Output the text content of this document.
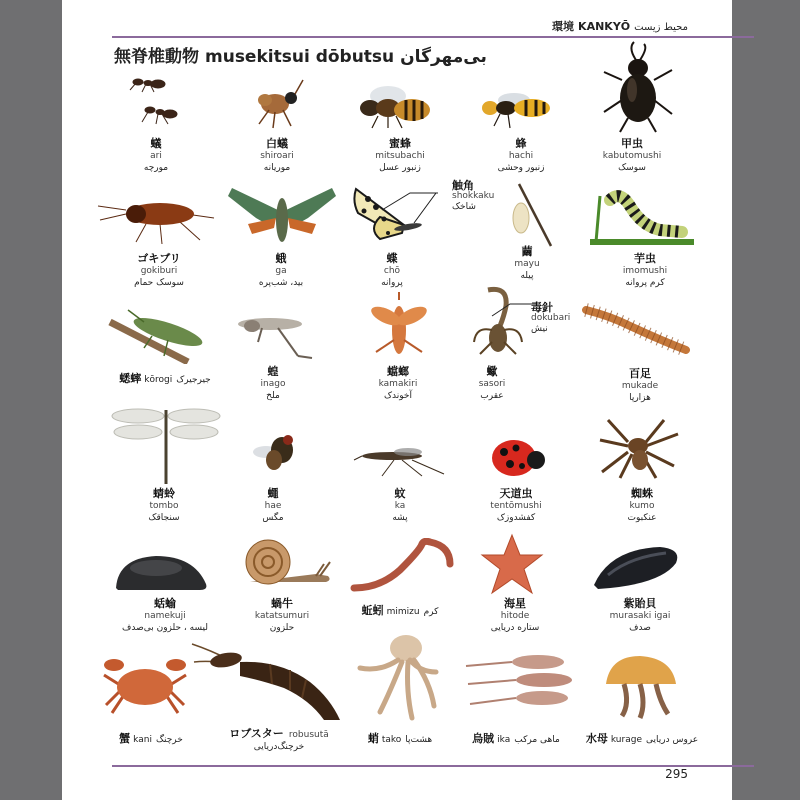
環境 KANKYŌ محیط زیست
無脊椎動物 musekitsui dōbutsu بی‌مهرگان
295
蟻
ari
مورچه
白蟻
shiroari
موریانه
蜜蜂
mitsubachi
زنبور عسل
蜂
hachi
زنبور وحشی
甲虫
kabutomushi
سوسک
触角
shokkaku
شاخک
ゴキブリ
gokiburi
سوسک حمام
蛾
ga
بید، شب‌پره
蝶
chō
پروانه
繭
mayu
پیله
芋虫
imomushi
کرم پروانه
毒針
dokubari
نیش
蟋蟀 kōrogi جیرجیرک
蝗
inago
ملخ
蟷螂
kamakiri
آخوندک
蠍
sasori
عقرب
百足
mukade
هزارپا
蜻蛉
tombo
سنجاقک
蠅
hae
مگس
蚊
ka
پشه
天道虫
tentōmushi
کفشدوزک
蜘蛛
kumo
عنکبوت
蛞蝓
namekuji
لیسه ، حلزون بی‌صدف
蝸牛
katatsumuri
حلزون
蚯蚓 mimizu کرم
海星
hitode
ستاره دریایی
紫貽貝
murasaki igai
صدف
蟹 kani خرچنگ	ロブスター robusutā
خرچنگ‌دریایی
蛸 tako هشت‌پا	烏賊 ika ماهی مرکب 水母 kurage عروس دریایی
